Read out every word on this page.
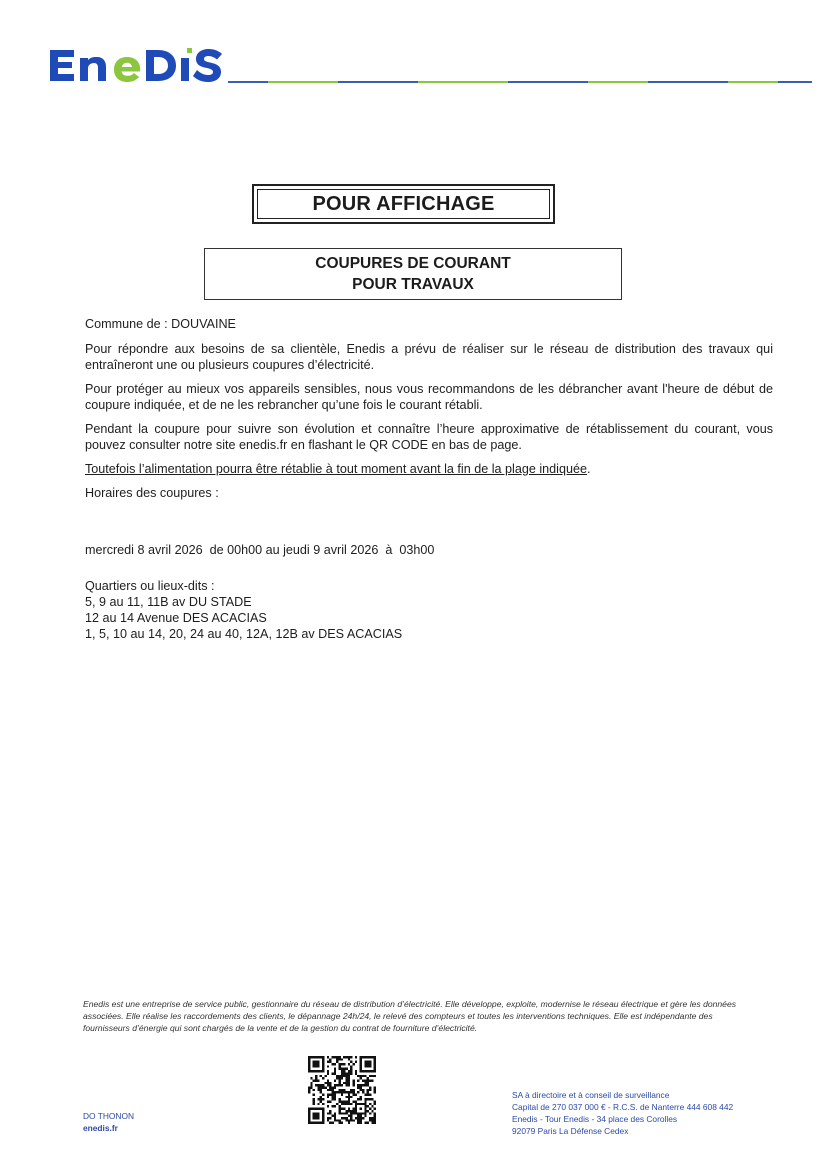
POUR AFFICHAGE
COUPURES DE COURANT
POUR TRAVAUX

Commune de : DOUVAINE

Pour répondre aux besoins de sa clientèle, Enedis a prévu de réaliser sur le réseau de distribution des travaux qui entraîneront une ou plusieurs coupures d’électricité.

Pour protéger au mieux vos appareils sensibles, nous vous recommandons de les débrancher avant l'heure de début de coupure indiquée, et de ne les rebrancher qu’une fois le courant rétabli.

Pendant la coupure pour suivre son évolution et connaître l’heure approximative de rétablissement du courant, vous pouvez consulter notre site enedis.fr en flashant le QR CODE en bas de page.

Toutefois l’alimentation pourra être rétablie à tout moment avant la fin de la plage indiquée.

Horaires des coupures :

mercredi 8 avril 2026  de 00h00 au jeudi 9 avril 2026  à  03h00

Quartiers ou lieux-dits :

5, 9 au 11, 11B av DU STADE

12 au 14 Avenue DES ACACIAS

1, 5, 10 au 14, 20, 24 au 40, 12A, 12B av DES ACACIAS

Enedis est une entreprise de service public, gestionnaire du réseau de distribution d’électricité. Elle développe, exploite, modernise le réseau électrique et gère les données associées. Elle réalise les raccordements des clients, le dépannage 24h/24, le relevé des compteurs et toutes les interventions techniques. Elle est indépendante des fournisseurs d’énergie qui sont chargés de la vente et de la gestion du contrat de fourniture d’électricité.
DO THONON
enedis.fr
SA à directoire et à conseil de surveillance
Capital de 270 037 000 € - R.C.S. de Nanterre 444 608 442
Enedis - Tour Enedis - 34 place des Corolles
92079 Paris La Défense Cedex
